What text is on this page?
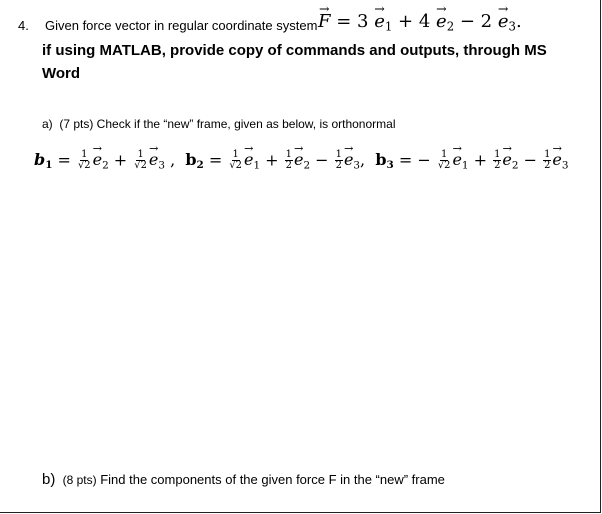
4. Given force vector in regular coordinate system
→ $F = 3 \to e_1 + 4 \to e_2 - 2 \to e_3$.
if using MATLAB, provide copy of commands and outputs, through MS
Word
a) (7 pts) Check if the “new” frame, given as below, is orthonormal
$b_1 = \frac{1}{√2}$
→ $e_2 + \frac{1}{√2}$
→ $e_3$ ,  $b_2 = \frac{1}{√2}$
→ $e_1 + \frac{1}{2}$
→ $e_2 - \frac{1}{2}$
→ $e_3$,  $b_3$ = − $\frac{1}{√2}$
→ $e_1 + \frac{1}{2}$
→ $e_2 - \frac{1}{2}$
→ $e_3$
b) (8 pts) Find the components of the given force F in the “new” frame
